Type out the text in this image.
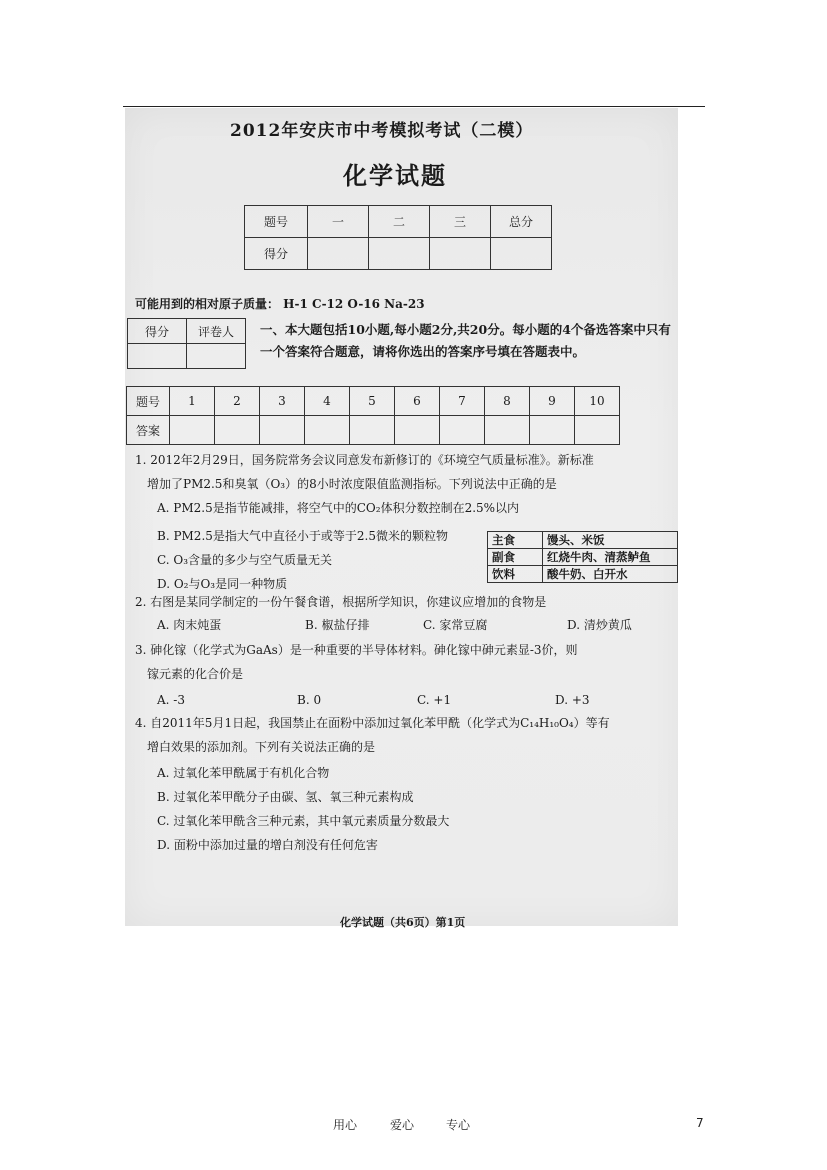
2012年安庆市中考模拟考试（二模）
化学试题
题号	一	二	三	总分
得分				
可能用到的相对原子质量： H-1 C-12 O-16 Na-23
得分	评卷人
	一、本大题包括10小题,每小题2分,共20分。每小题的4个备选答案中只有一个答案符合题意，请将你选出的答案序号填在答题表中。
题号	1	2	3	4	5	6	7	8	9	10
答案										
1. 2012年2月29日，国务院常务会议同意发布新修订的《环境空气质量标准》。新标准
增加了PM2.5和臭氧（O₃）的8小时浓度限值监测指标。下列说法中正确的是
A. PM2.5是指节能减排，将空气中的CO₂体积分数控制在2.5%以内
B. PM2.5是指大气中直径小于或等于2.5微米的颗粒物
C. O₃含量的多少与空气质量无关
D. O₂与O₃是同一种物质
主食	馒头、米饭
副食	红烧牛肉、清蒸鲈鱼
饮料	酸牛奶、白开水
2. 右图是某同学制定的一份午餐食谱，根据所学知识，你建议应增加的食物是
A. 肉末炖蛋	B. 椒盐仔排	C. 家常豆腐	D. 清炒黄瓜
3. 砷化镓（化学式为GaAs）是一种重要的半导体材料。砷化镓中砷元素显-3价，则
镓元素的化合价是
A. -3	B. 0	C. +1	D. +3
4. 自2011年5月1日起，我国禁止在面粉中添加过氧化苯甲酰（化学式为C₁₄H₁₀O₄）等有
增白效果的添加剂。下列有关说法正确的是
A. 过氧化苯甲酰属于有机化合物
B. 过氧化苯甲酰分子由碳、氢、氧三种元素构成
C. 过氧化苯甲酰含三种元素，其中氧元素质量分数最大
D. 面粉中添加过量的增白剂没有任何危害
化学试题（共6页）第1页
用心	爱心	专心	7
